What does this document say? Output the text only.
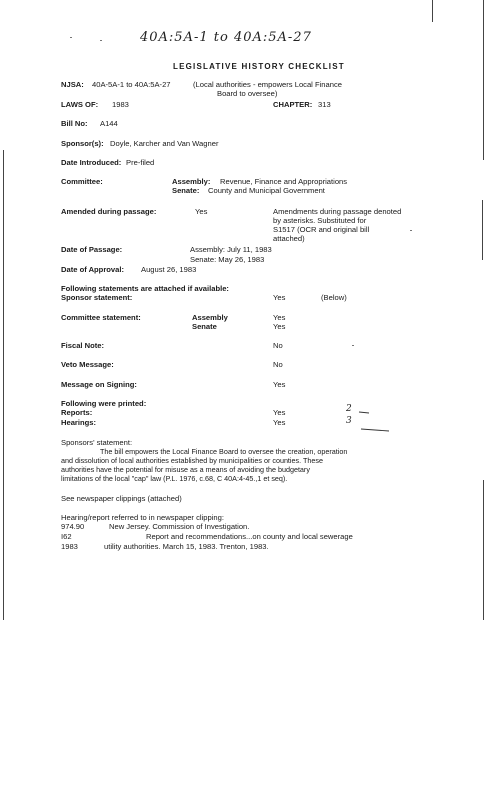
40A:5A-1 to 40A:5A-27
LEGISLATIVE HISTORY CHECKLIST
NJSA: 40A-5A-1 to 40A:5A-27	(Local authorities - empowers Local Finance
Board to oversee)
LAWS OF: 1983	CHAPTER: 313
Bill No: A144
Sponsor(s): Doyle, Karcher and Van Wagner
Date Introduced: Pre-filed
Committee:	Assembly: Revenue, Finance and Appropriations
Senate: County and Municipal Government
Amended during passage:	Yes	Amendments during passage denoted
by asterisks. Substituted for
S1517 (OCR and original bill
attached)
Date of Passage:	Assembly: July 11, 1983
Senate: May 26, 1983
Date of Approval: August 26, 1983
Following statements are attached if available:
Sponsor statement:	Yes	(Below)
Committee statement:	Assembly	Yes
Senate	Yes
Fiscal Note:	No
Veto Message:	No
Message on Signing:	Yes
Following were printed:
Reports:	Yes
Hearings:	Yes
2
3
Sponsors' statement:
The bill empowers the Local Finance Board to oversee the creation, operation
and dissolution of local authorities established by municipalities or counties. These
authorities have the potential for misuse as a means of avoiding the budgetary
limitations of the local "cap" law (P.L. 1976, c.68, C 40A:4-45.,1 et seq).
See newspaper clippings (attached)
Hearing/report referred to in newspaper clipping:
974.90	New Jersey. Commission of Investigation.
I62	Report and recommendations...on county and local sewerage
1983	utility authorities. March 15, 1983. Trenton, 1983.
